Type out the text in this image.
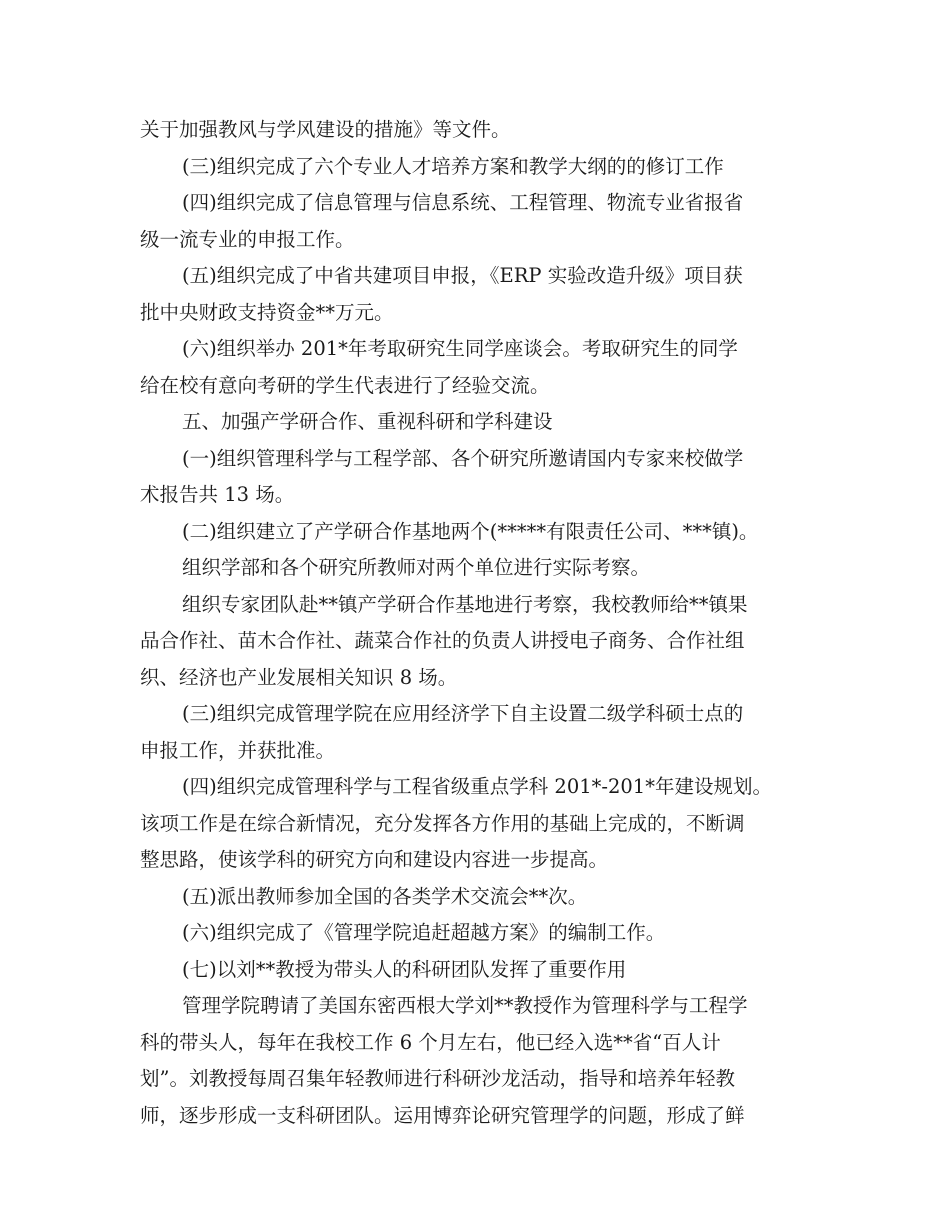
关于加强教风与学风建设的措施》等文件。
(三)组织完成了六个专业人才培养方案和教学大纲的的修订工作
(四)组织完成了信息管理与信息系统、工程管理、物流专业省报省
级一流专业的申报工作。
(五)组织完成了中省共建项目申报，《ERP 实验改造升级》项目获
批中央财政支持资金**万元。
(六)组织举办 201*年考取研究生同学座谈会。考取研究生的同学
给在校有意向考研的学生代表进行了经验交流。
五、加强产学研合作、重视科研和学科建设
(一)组织管理科学与工程学部、各个研究所邀请国内专家来校做学
术报告共 13 场。
(二)组织建立了产学研合作基地两个(*****有限责任公司、***镇)。
组织学部和各个研究所教师对两个单位进行实际考察。
组织专家团队赴**镇产学研合作基地进行考察，我校教师给**镇果
品合作社、苗木合作社、蔬菜合作社的负责人讲授电子商务、合作社组
织、经济也产业发展相关知识 8 场。
(三)组织完成管理学院在应用经济学下自主设置二级学科硕士点的
申报工作，并获批准。
(四)组织完成管理科学与工程省级重点学科 201*-201*年建设规划。
该项工作是在综合新情况，充分发挥各方作用的基础上完成的，不断调
整思路，使该学科的研究方向和建设内容进一步提高。
(五)派出教师参加全国的各类学术交流会**次。
(六)组织完成了《管理学院追赶超越方案》的编制工作。
(七)以刘**教授为带头人的科研团队发挥了重要作用
管理学院聘请了美国东密西根大学刘**教授作为管理科学与工程学
科的带头人，每年在我校工作 6 个月左右，他已经入选**省“百人计
划”。刘教授每周召集年轻教师进行科研沙龙活动，指导和培养年轻教
师，逐步形成一支科研团队。运用博弈论研究管理学的问题，形成了鲜
